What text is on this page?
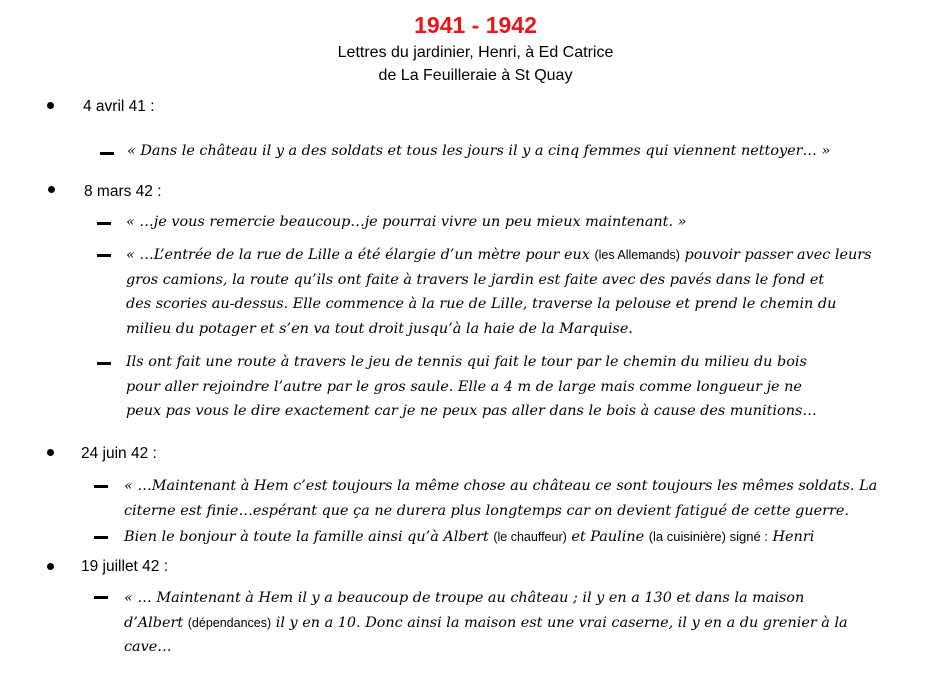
1941 - 1942
Lettres du jardinier, Henri, à Ed Catrice
de La Feuilleraie à St Quay
4 avril 41 :
« Dans le château il y a des soldats et tous les jours il y a cinq femmes qui viennent nettoyer… »
8 mars 42 :
« …je vous remercie beaucoup…je pourrai vivre un peu mieux maintenant. »
« …L’entrée de la rue de Lille a été élargie d’un mètre pour eux (les Allemands) pouvoir passer avec leurs
gros camions, la route qu’ils ont faite à travers le jardin est faite avec des pavés dans le fond et
des scories au-dessus. Elle commence à la rue de Lille, traverse la pelouse et prend le chemin du
milieu du potager et s’en va tout droit jusqu’à la haie de la Marquise.
Ils ont fait une route à travers le jeu de tennis qui fait le tour par le chemin du milieu du bois
pour aller rejoindre l’autre par le gros saule. Elle a 4 m de large mais comme longueur je ne
peux pas vous le dire exactement car je ne peux pas aller dans le bois à cause des munitions…
24 juin 42 :
« …Maintenant à Hem c’est toujours la même chose au château ce sont toujours les mêmes soldats. La
citerne est finie…espérant que ça ne durera plus longtemps car on devient fatigué de cette guerre.
Bien le bonjour à toute la famille ainsi qu’à Albert (le chauffeur) et Pauline (la cuisinière) signé : Henri
19 juillet 42 :
« … Maintenant à Hem il y a beaucoup de troupe au château ; il y en a 130 et dans la maison
d’Albert (dépendances) il y en a 10. Donc ainsi la maison est une vrai caserne, il y en a du grenier à la
cave…
